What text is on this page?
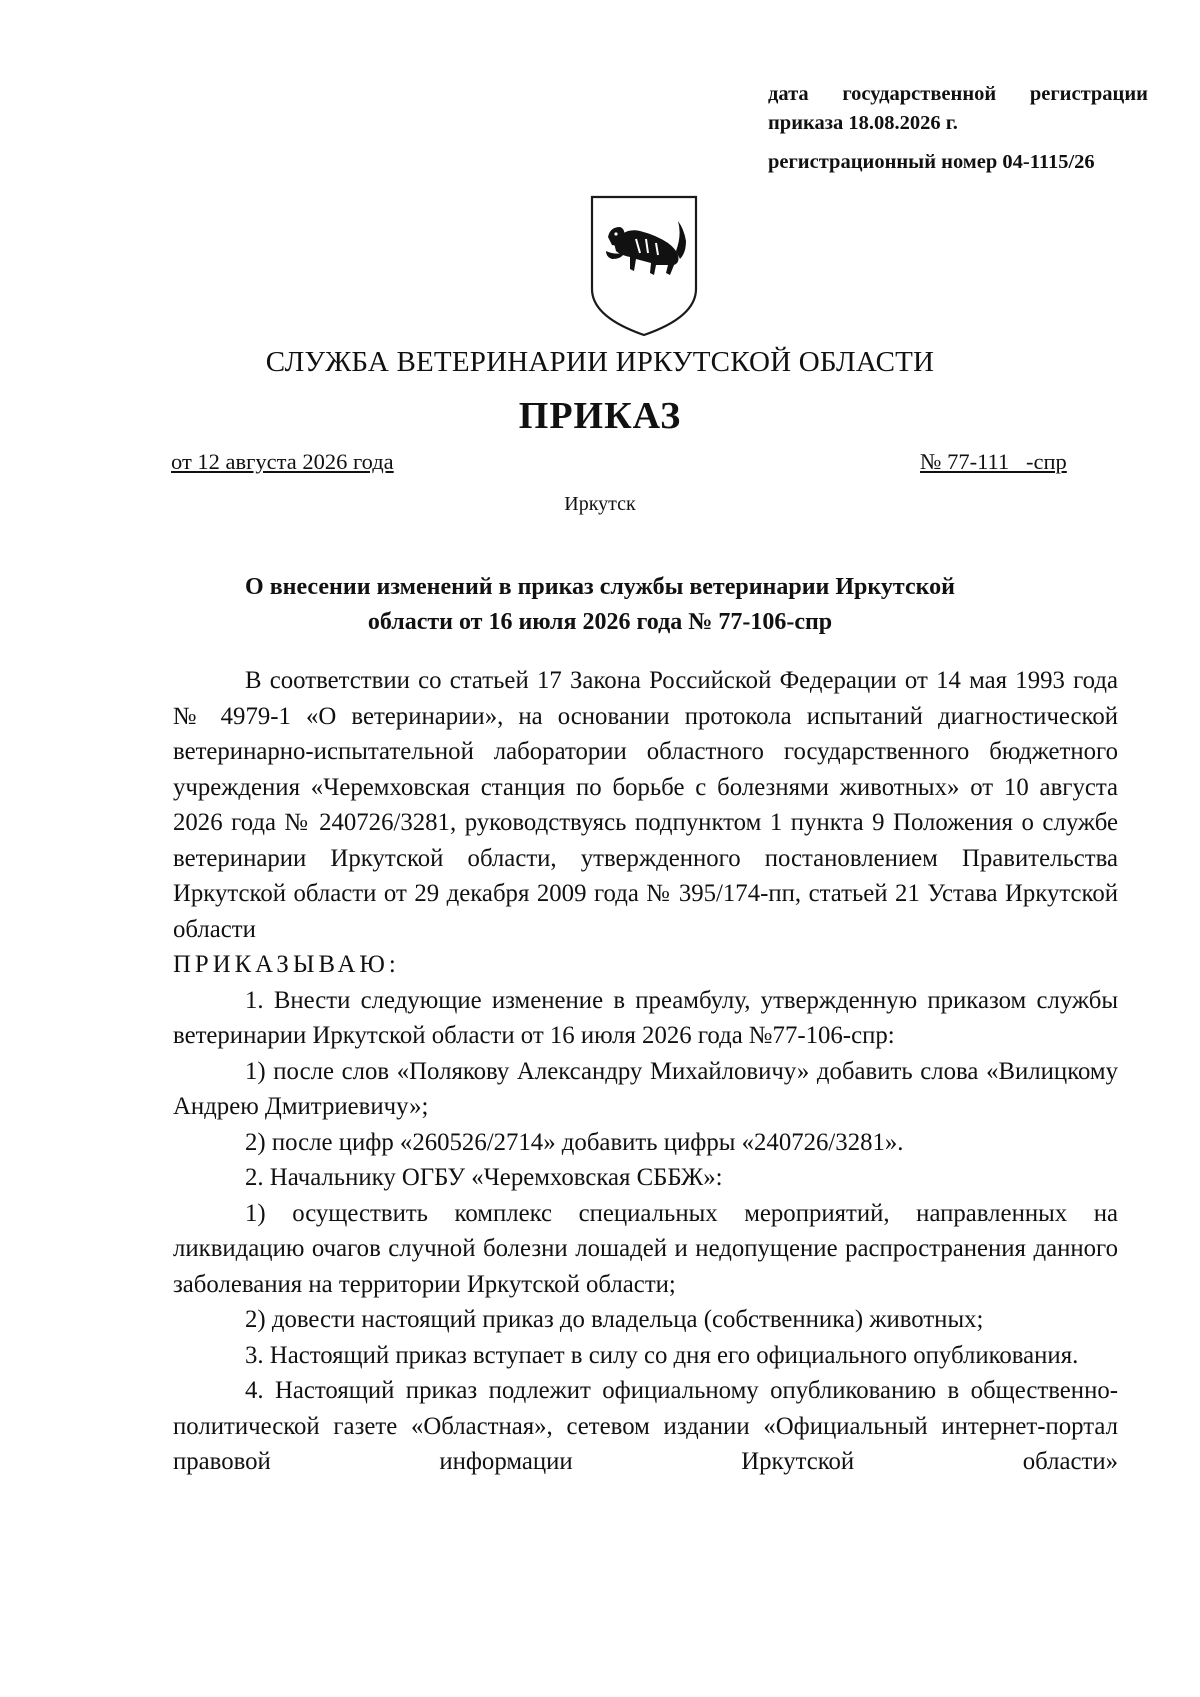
дата государственной регистрации
приказа 18.08.2026 г.
регистрационный номер 04-1115/26
СЛУЖБА ВЕТЕРИНАРИИ ИРКУТСКОЙ ОБЛАСТИ
ПРИКАЗ
от 12 августа 2026 года	№ 77-111   -спр
Иркутск
О внесении изменений в приказ службы ветеринарии Иркутской
области от 16 июля 2026 года № 77-106-спр

В соответствии со статьей 17 Закона Российской Федерации от 14 мая 1993 года № 4979-1 «О ветеринарии», на основании протокола испытаний диагностической ветеринарно-испытательной лаборатории областного государственного бюджетного учреждения «Черемховская станция по борьбе с болезнями животных» от 10 августа 2026 года № 240726/3281, руководствуясь подпунктом 1 пункта 9 Положения о службе ветеринарии Иркутской области, утвержденного постановлением Правительства Иркутской области от 29 декабря 2009 года № 395/174-пп, статьей 21 Устава Иркутской области

ПРИКАЗЫВАЮ:

1. Внести следующие изменение в преамбулу, утвержденную приказом службы ветеринарии Иркутской области от 16 июля 2026 года №77-106-спр:

1) после слов «Полякову Александру Михайловичу» добавить слова «Вилицкому Андрею Дмитриевичу»;

2) после цифр «260526/2714» добавить цифры «240726/3281».

2. Начальнику ОГБУ «Черемховская СББЖ»:

1) осуществить комплекс специальных мероприятий, направленных на ликвидацию очагов случной болезни лошадей и недопущение распространения данного заболевания на территории Иркутской области;

2) довести настоящий приказ до владельца (собственника) животных;

3. Настоящий приказ вступает в силу со дня его официального опубликования.

4. Настоящий приказ подлежит официальному опубликованию в общественно-политической газете «Областная», сетевом издании «Официальный интернет-портал правовой информации Иркутской области»
